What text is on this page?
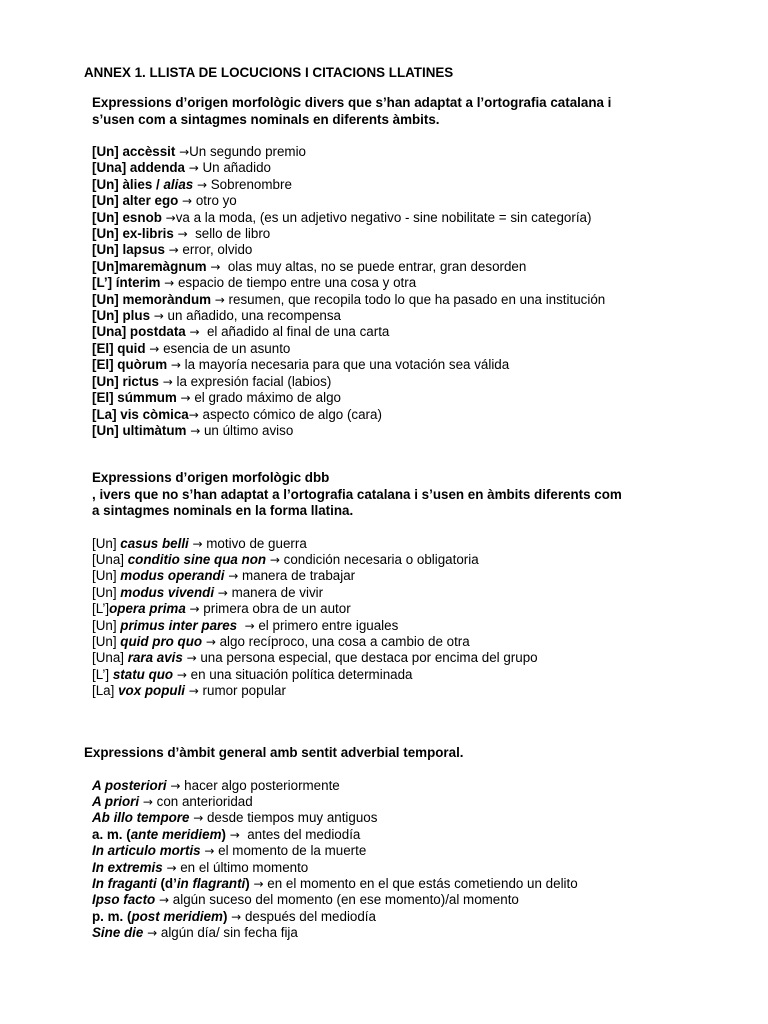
ANNEX 1. LLISTA DE LOCUCIONS I CITACIONS LLATINES
Expressions d’origen morfològic divers que s’han adaptat a l’ortografia catalana i
s’usen com a sintagmes nominals en diferents àmbits.
[Un] accèssit →Un segundo premio
[Una] addenda → Un añadido
[Un] àlies / alias → Sobrenombre
[Un] alter ego → otro yo
[Un] esnob →va a la moda, (es un adjetivo negativo - sine nobilitate = sin categoría)
[Un] ex-libris →  sello de libro
[Un] lapsus → error, olvido
[Un]maremàgnum →  olas muy altas, no se puede entrar, gran desorden
[L’] ínterim → espacio de tiempo entre una cosa y otra
[Un] memoràndum → resumen, que recopila todo lo que ha pasado en una institución
[Un] plus → un añadido, una recompensa
[Una] postdata →  el añadido al final de una carta
[El] quid → esencia de un asunto
[El] quòrum → la mayoría necesaria para que una votación sea válida
[Un] rictus → la expresión facial (labios)
[El] súmmum → el grado máximo de algo
[La] vis còmica→ aspecto cómico de algo (cara)
[Un] ultimàtum → un último aviso
Expressions d’origen morfològic dbb
, ivers que no s’han adaptat a l’ortografia catalana i s’usen en àmbits diferents com
a sintagmes nominals en la forma llatina.
[Un] casus belli → motivo de guerra
[Una] conditio sine qua non → condición necesaria o obligatoria
[Un] modus operandi → manera de trabajar
[Un] modus vivendi → manera de vivir
[L’]opera prima → primera obra de un autor
[Un] primus inter pares → el primero entre iguales
[Un] quid pro quo → algo recíproco, una cosa a cambio de otra
[Una] rara avis → una persona especial, que destaca por encima del grupo
[L’] statu quo → en una situación política determinada
[La] vox populi → rumor popular
Expressions d’àmbit general amb sentit adverbial temporal.
A posteriori → hacer algo posteriormente
A priori → con anterioridad
Ab illo tempore → desde tiempos muy antiguos
a. m. (ante meridiem) →  antes del mediodía
In articulo mortis → el momento de la muerte
In extremis → en el último momento
In fraganti (d’in flagranti) → en el momento en el que estás cometiendo un delito
Ipso facto → algún suceso del momento (en ese momento)/al momento
p. m. (post meridiem) → después del mediodía
Sine die → algún día/ sin fecha fija
